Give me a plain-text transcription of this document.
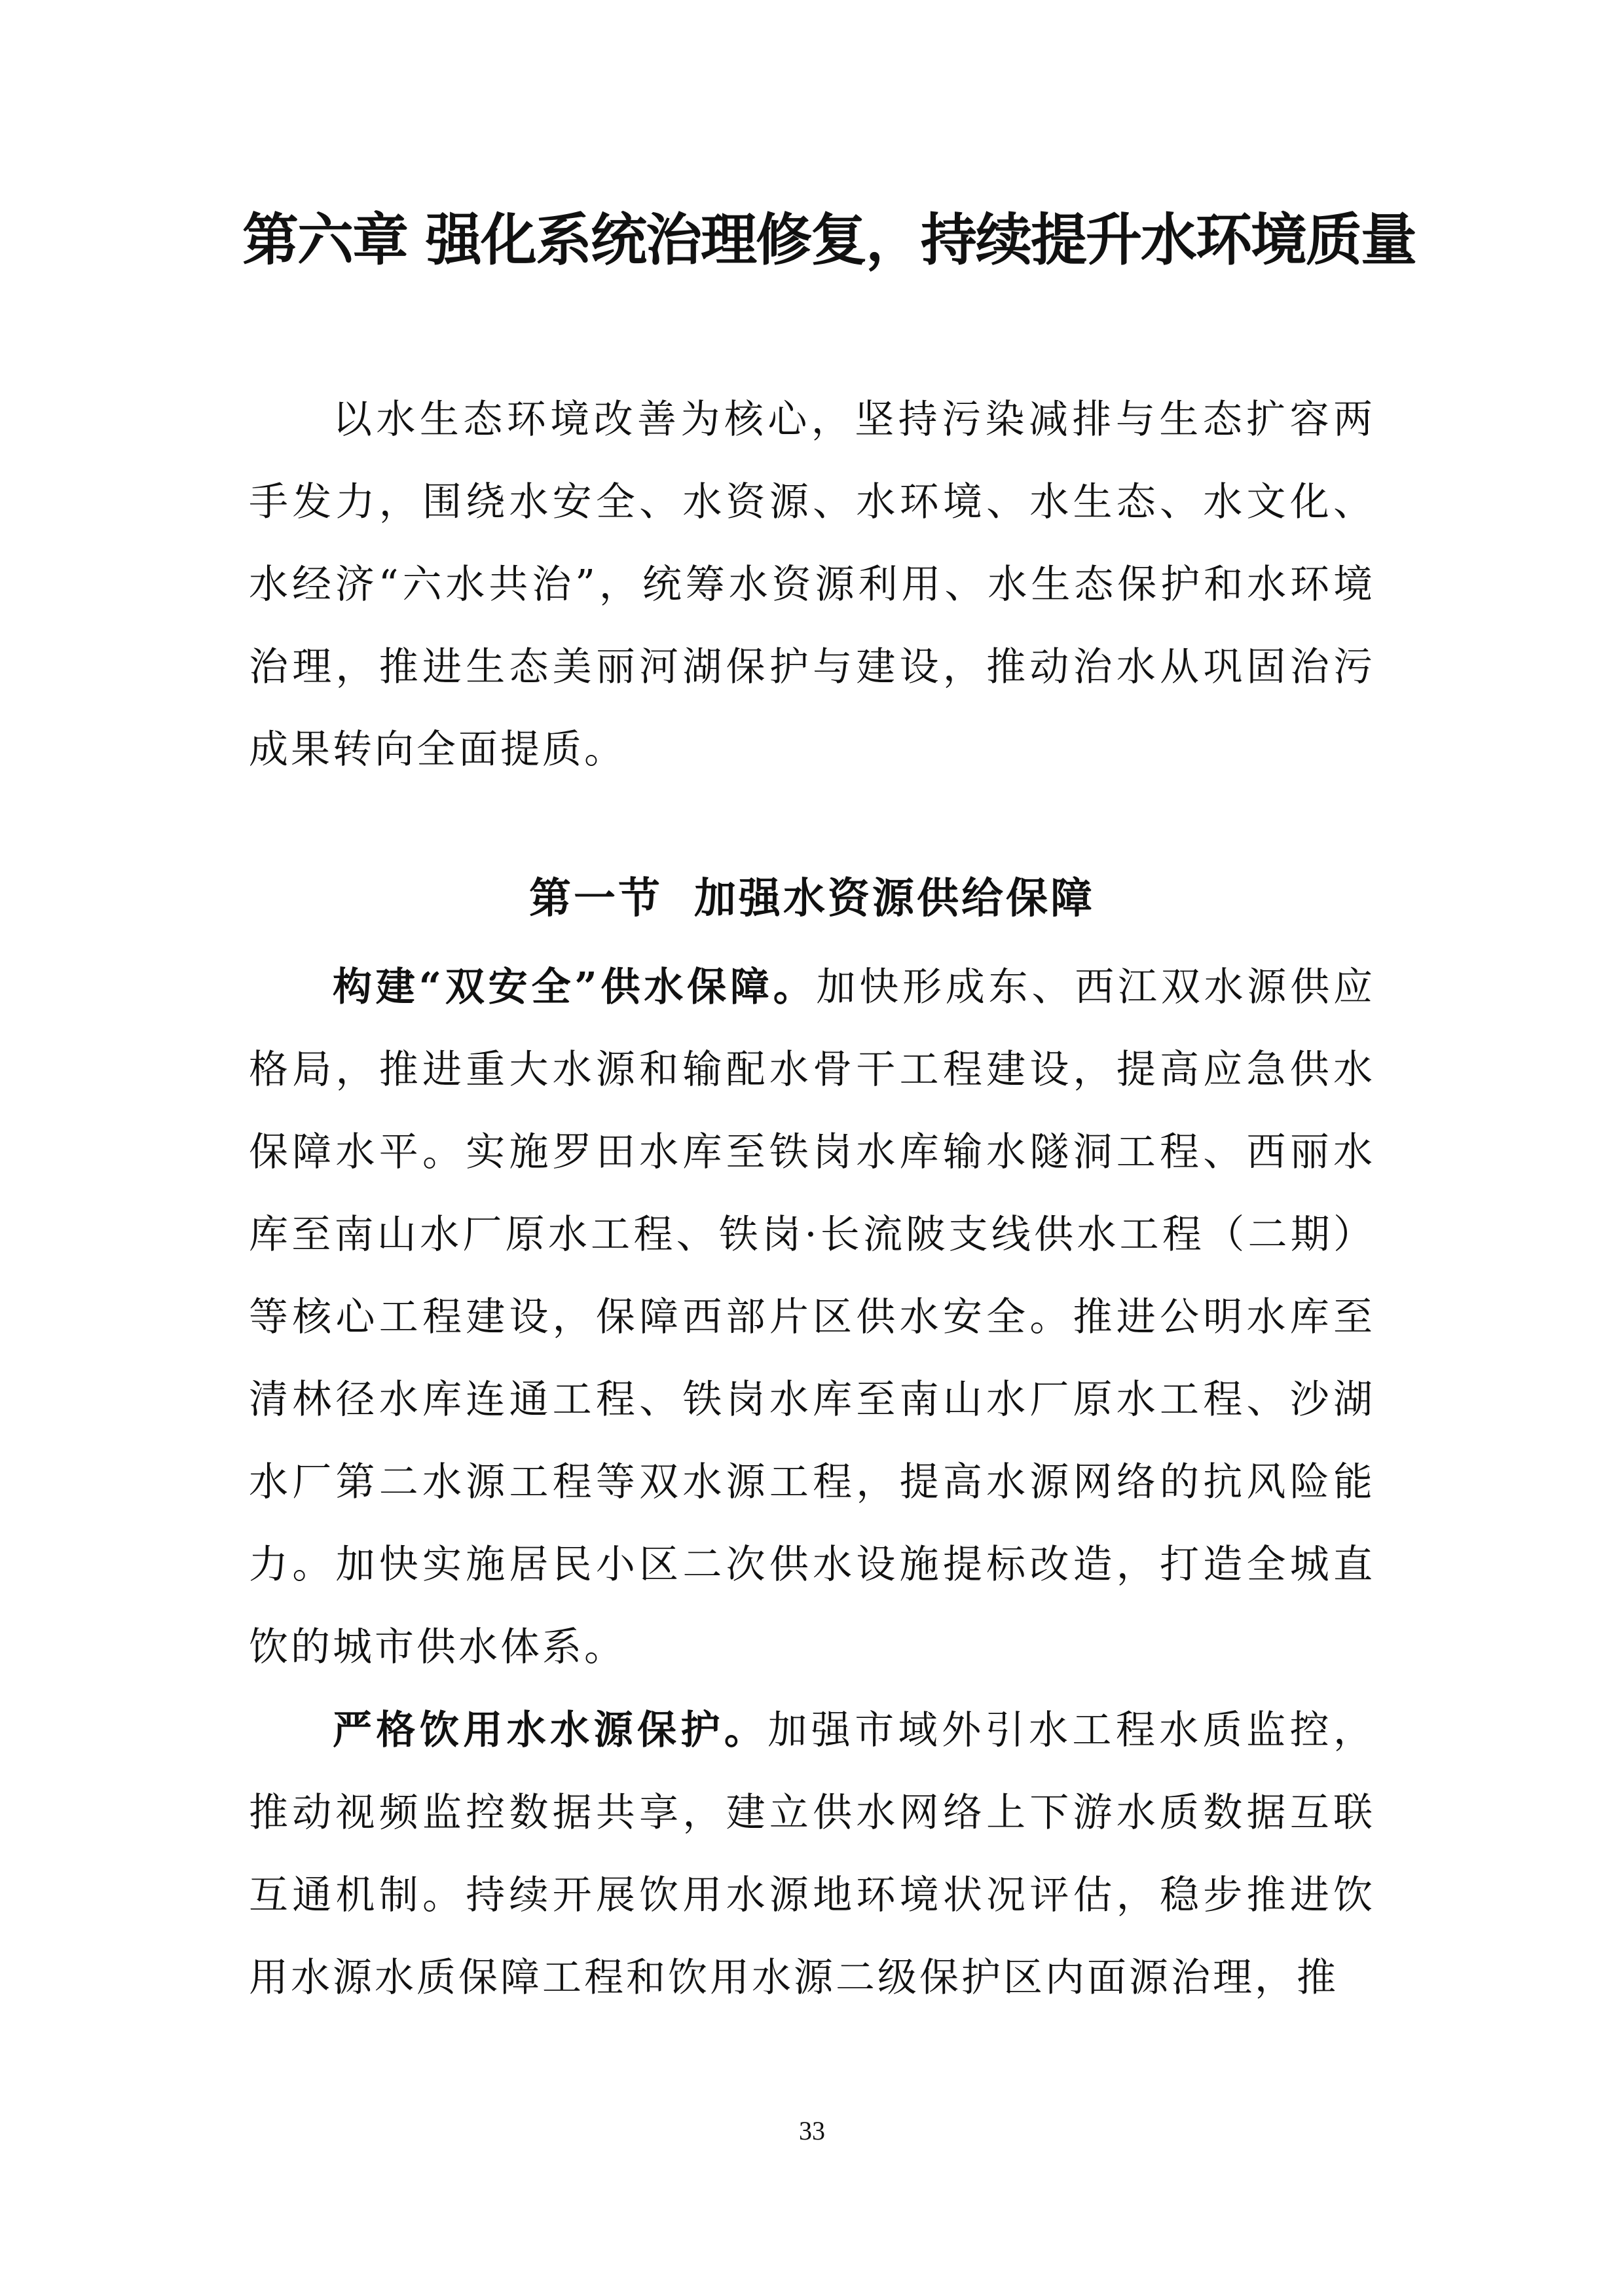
第六章 强化系统治理修复，持续提升水环境质量

以水生态环境改善为核心，坚持污染减排与生态扩容两手发力，围绕水安全、水资源、水环境、水生态、水文化、水经济“六水共治”，统筹水资源利用、水生态保护和水环境治理，推进生态美丽河湖保护与建设，推动治水从巩固治污成果转向全面提质。

第一节 加强水资源供给保障

构建“双安全”供水保障。加快形成东、西江双水源供应格局，推进重大水源和输配水骨干工程建设，提高应急供水保障水平。实施罗田水库至铁岗水库输水隧洞工程、西丽水库至南山水厂原水工程、铁岗·长流陂支线供水工程（二期）等核心工程建设，保障西部片区供水安全。推进公明水库至清林径水库连通工程、铁岗水库至南山水厂原水工程、沙湖水厂第二水源工程等双水源工程，提高水源网络的抗风险能力。加快实施居民小区二次供水设施提标改造，打造全城直饮的城市供水体系。

严格饮用水水源保护。加强市域外引水工程水质监控，推动视频监控数据共享，建立供水网络上下游水质数据互联互通机制。持续开展饮用水源地环境状况评估，稳步推进饮用水源水质保障工程和饮用水源二级保护区内面源治理，推

33
